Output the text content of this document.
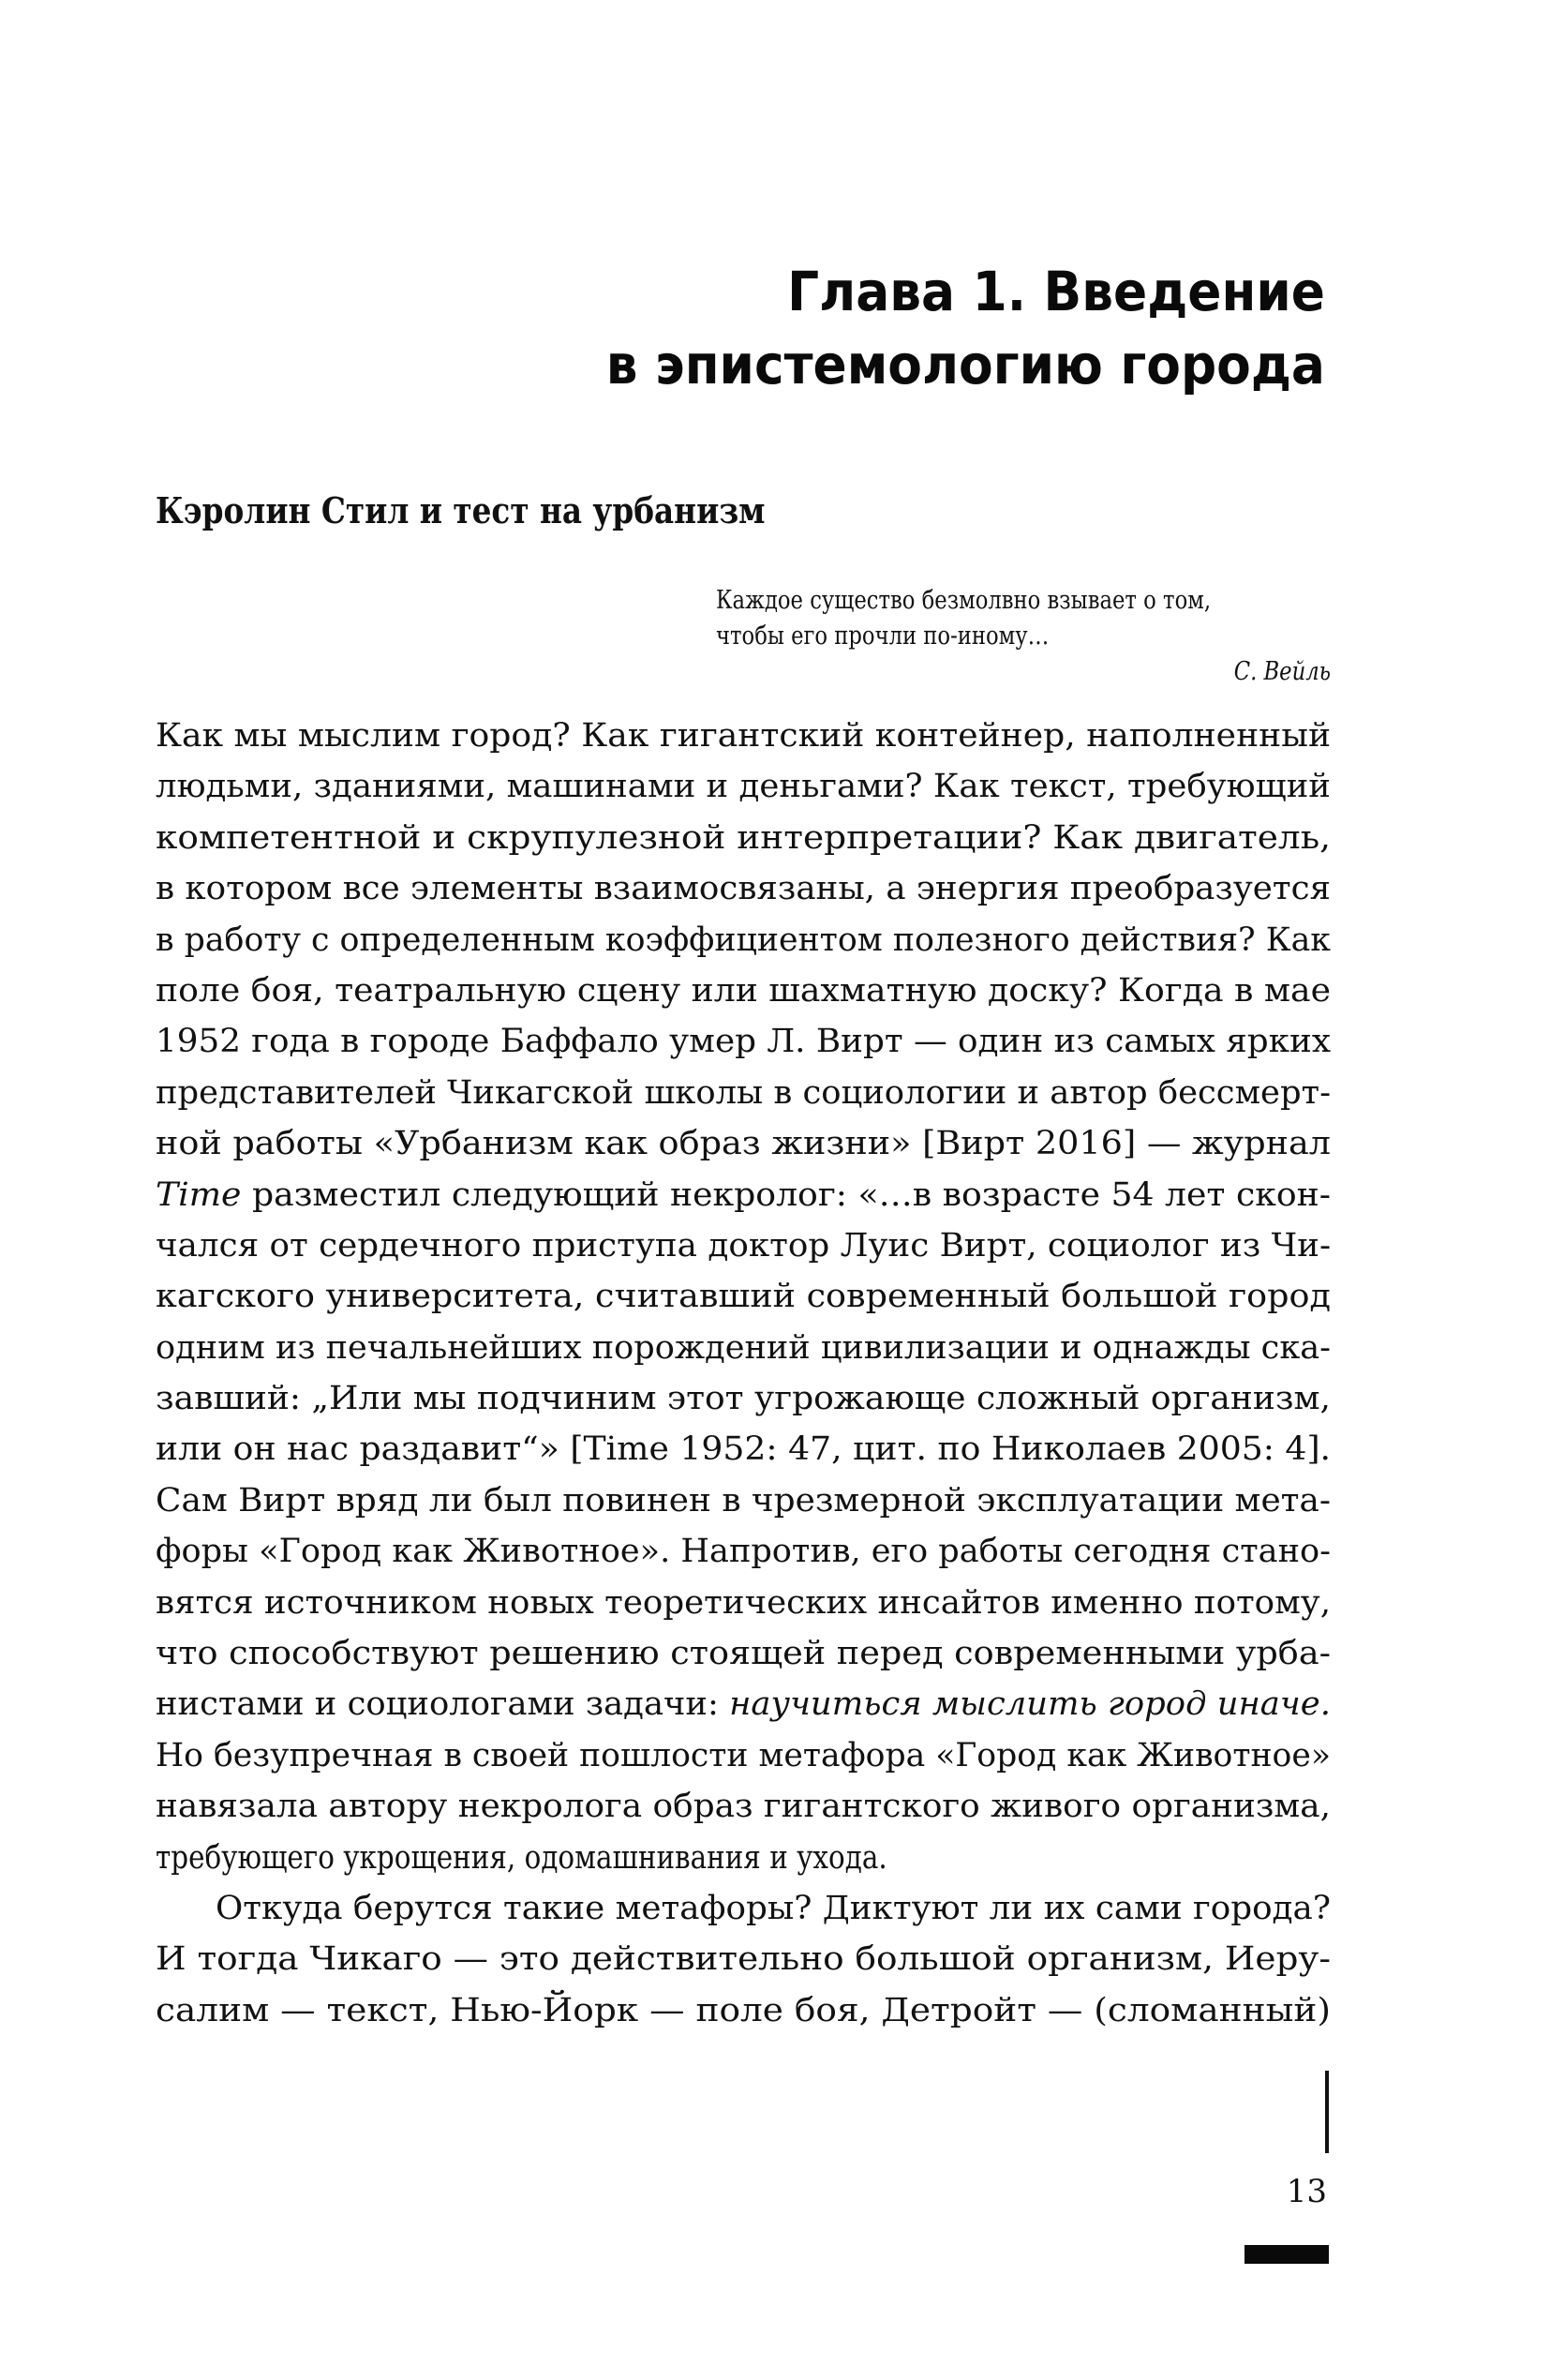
Глава 1. Введение
в эпистемологию города
Кэролин Стил и тест на урбанизм
Каждое существо безмолвно взывает о том,
чтобы его прочли по-иному…
С. Вейль
Как мы мыслим город? Как гигантский контейнер, наполненный
людьми, зданиями, машинами и деньгами? Как текст, требующий
компетентной и скрупулезной интерпретации? Как двигатель,
в котором все элементы взаимосвязаны, а энергия преобразуется
в работу с определенным коэффициентом полезного действия? Как
поле боя, театральную сцену или шахматную доску? Когда в мае
1952 года в городе Баффало умер Л. Вирт — один из самых ярких
представителей Чикагской школы в социологии и автор бессмерт-
ной работы «Урбанизм как образ жизни» [Вирт 2016] — журнал
Time разместил следующий некролог: «…в возрасте 54 лет скон-
чался от сердечного приступа доктор Луис Вирт, социолог из Чи-
кагского университета, считавший современный большой город
одним из печальнейших порождений цивилизации и однажды ска-
завший: „Или мы подчиним этот угрожающе сложный организм,
или он нас раздавит“» [Time 1952: 47, цит. по Николаев 2005: 4].
Сам Вирт вряд ли был повинен в чрезмерной эксплуатации мета-
форы «Город как Животное». Напротив, его работы сегодня стано-
вятся источником новых теоретических инсайтов именно потому,
что способствуют решению стоящей перед современными урба-
нистами и социологами задачи: научиться мыслить город иначе.
Но безупречная в своей пошлости метафора «Город как Животное»
навязала автору некролога образ гигантского живого организма,
требующего укрощения, одомашнивания и ухода.
Откуда берутся такие метафоры? Диктуют ли их сами города?
И тогда Чикаго — это действительно большой организм, Иеру-
салим — текст, Нью-Йорк — поле боя, Детройт — (сломанный)
13
